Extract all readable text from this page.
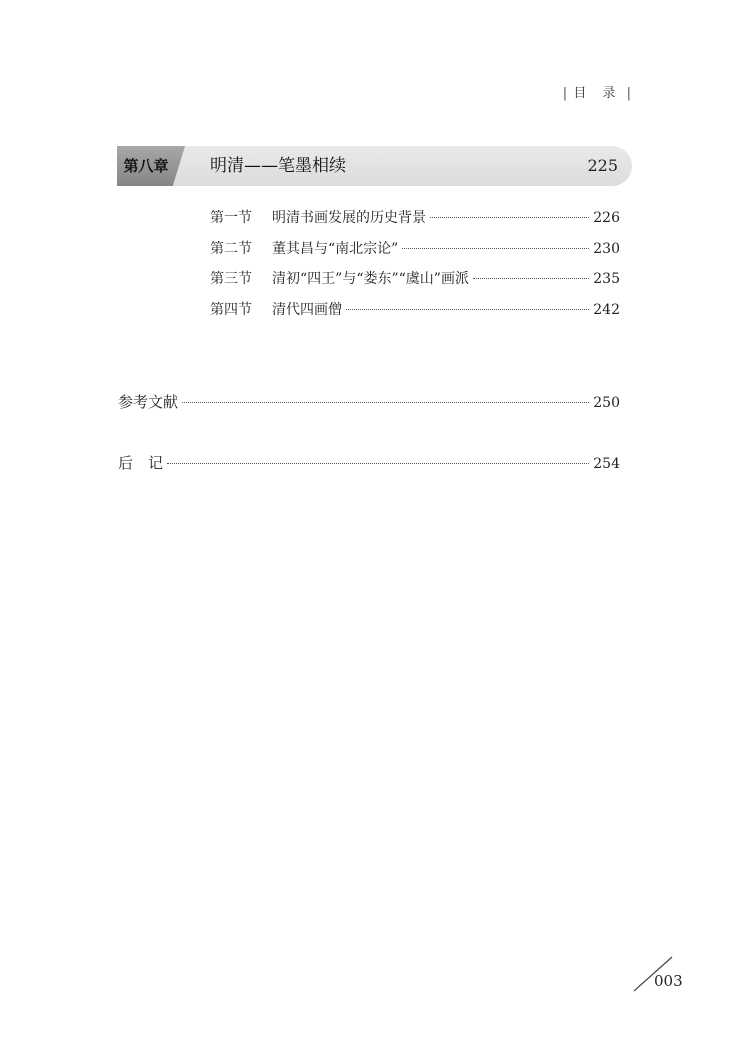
| 目 录 |
第八章	明清——笔墨相续	225
第一节	明清书画发展的历史背景	226
第二节	董其昌与“南北宗论”	230
第三节	清初“四王”与“娄东”“虞山”画派	235
第四节	清代四画僧	242
参考文献	250
后　记	254
003
